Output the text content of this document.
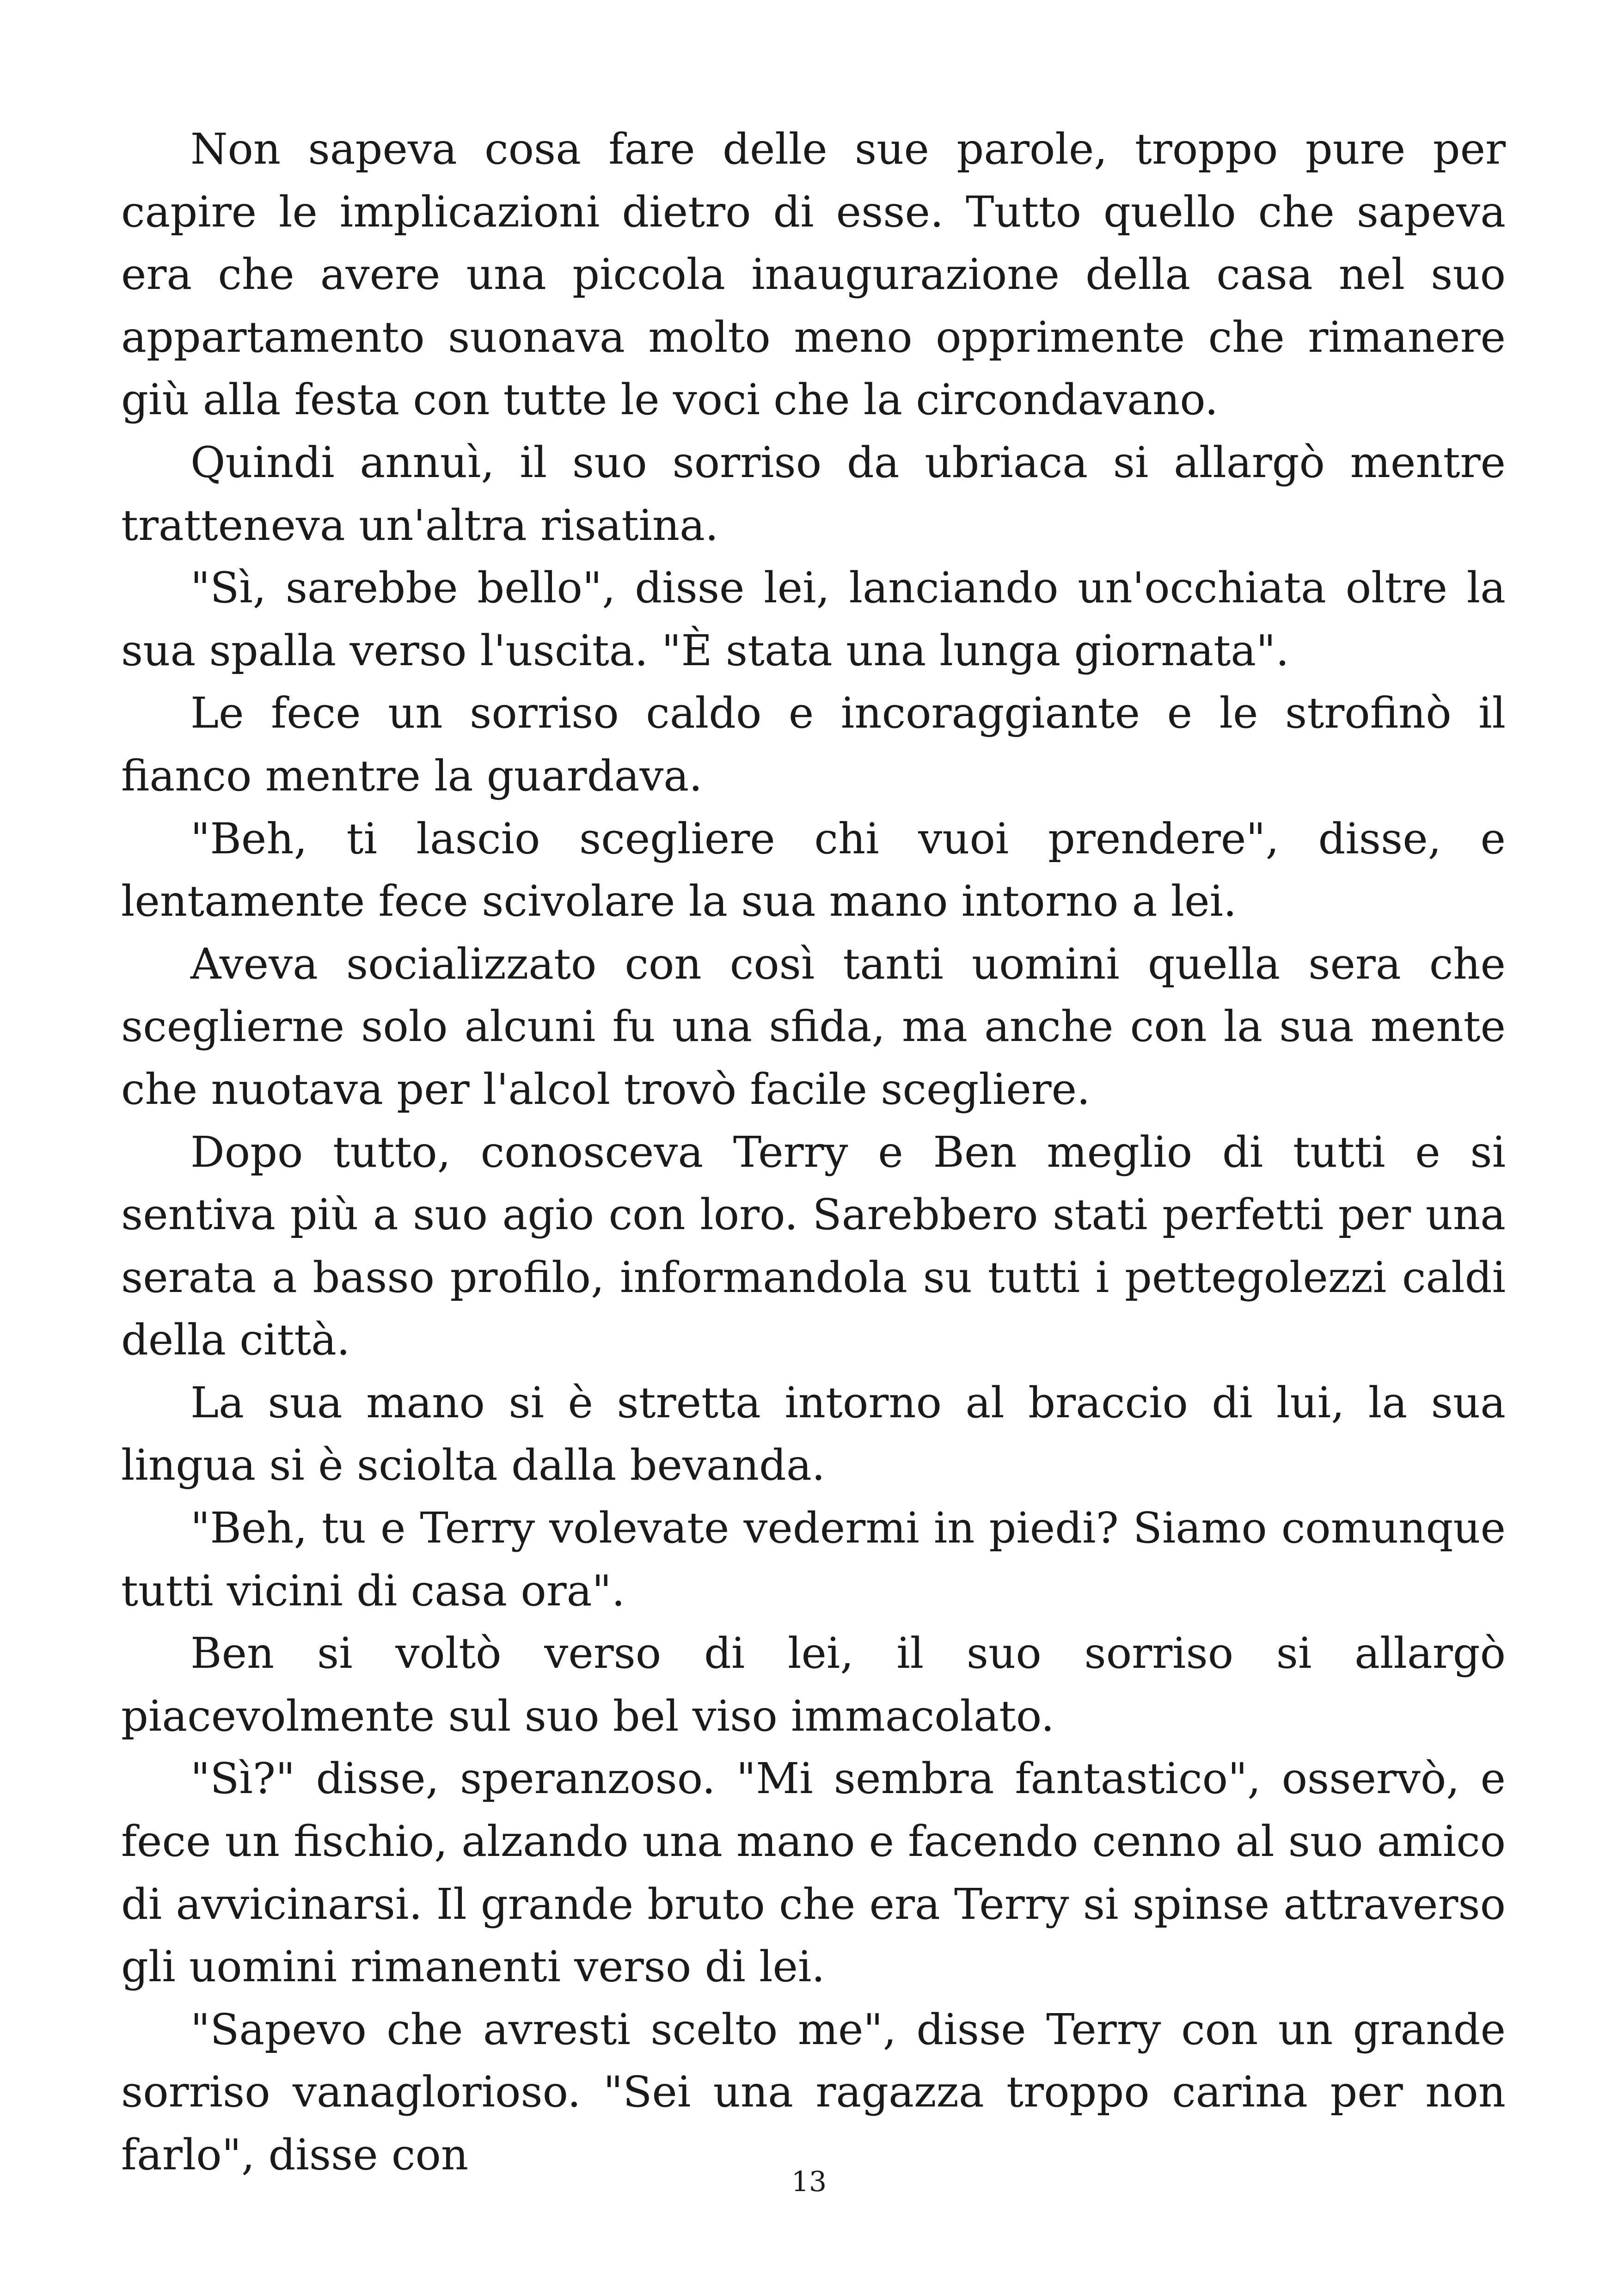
Non sapeva cosa fare delle sue parole, troppo pure per capire le implicazioni dietro di esse. Tutto quello che sapeva era che avere una piccola inaugurazione della casa nel suo appartamento suonava molto meno opprimente che rimanere giù alla festa con tutte le voci che la circondavano.

Quindi annuì, il suo sorriso da ubriaca si allargò mentre tratteneva un'altra risatina.

"Sì, sarebbe bello", disse lei, lanciando un'occhiata oltre la sua spalla verso l'uscita. "È stata una lunga giornata".

Le fece un sorriso caldo e incoraggiante e le strofinò il fianco mentre la guardava.

"Beh, ti lascio scegliere chi vuoi prendere", disse, e lentamente fece scivolare la sua mano intorno a lei.

Aveva socializzato con così tanti uomini quella sera che sceglierne solo alcuni fu una sfida, ma anche con la sua mente che nuotava per l'alcol trovò facile scegliere.

Dopo tutto, conosceva Terry e Ben meglio di tutti e si sentiva più a suo agio con loro. Sarebbero stati perfetti per una serata a basso profilo, informandola su tutti i pettegolezzi caldi della città.

La sua mano si è stretta intorno al braccio di lui, la sua lingua si è sciolta dalla bevanda.

"Beh, tu e Terry volevate vedermi in piedi? Siamo comunque tutti vicini di casa ora".

Ben si voltò verso di lei, il suo sorriso si allargò piacevolmente sul suo bel viso immacolato.

"Sì?" disse, speranzoso. "Mi sembra fantastico", osservò, e fece un fischio, alzando una mano e facendo cenno al suo amico di avvicinarsi. Il grande bruto che era Terry si spinse attraverso gli uomini rimanenti verso di lei.

"Sapevo che avresti scelto me", disse Terry con un grande sorriso vanaglorioso. "Sei una ragazza troppo carina per non farlo", disse con

13
